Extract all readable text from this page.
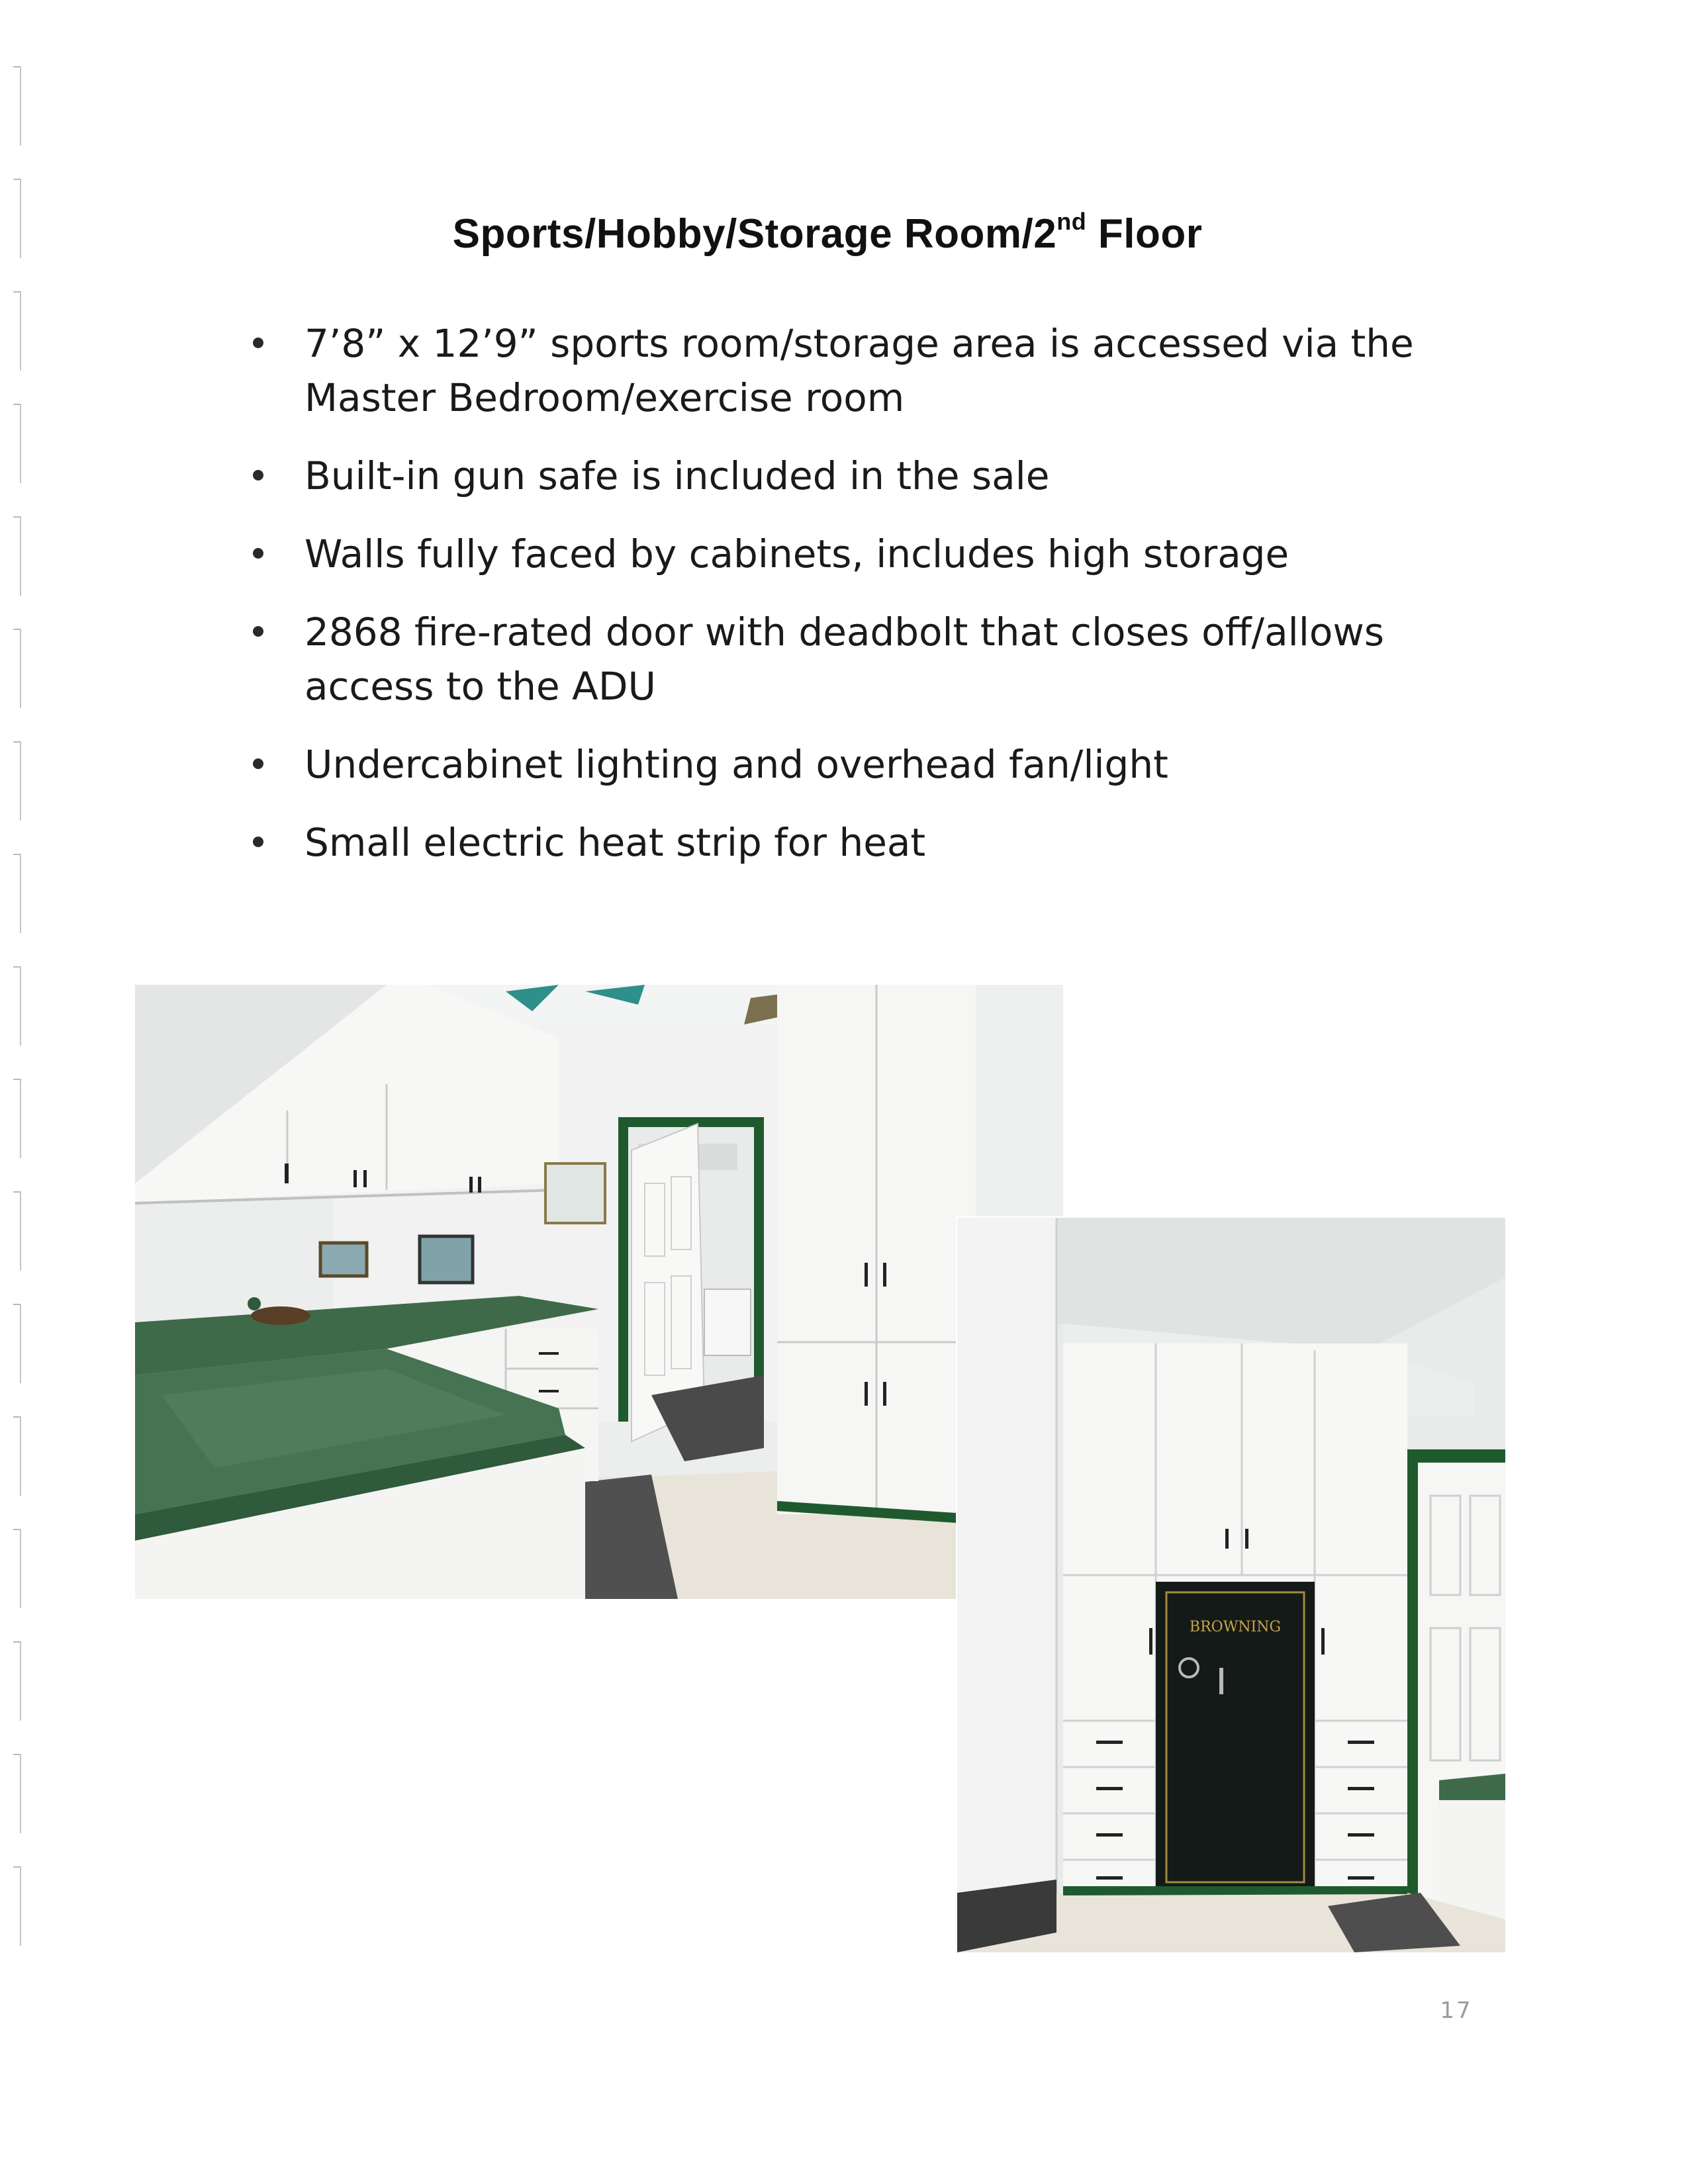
Sports/Hobby/Storage Room/2nd Floor
7’8” x 12’9” sports room/storage area is accessed via the Master Bedroom/exercise room
Built-in gun safe is included in the sale
Walls fully faced by cabinets, includes high storage
2868 fire-rated door with deadbolt that closes off/allows access to the ADU
Undercabinet lighting and overhead fan/light
Small electric heat strip for heat
BROWNING
17
